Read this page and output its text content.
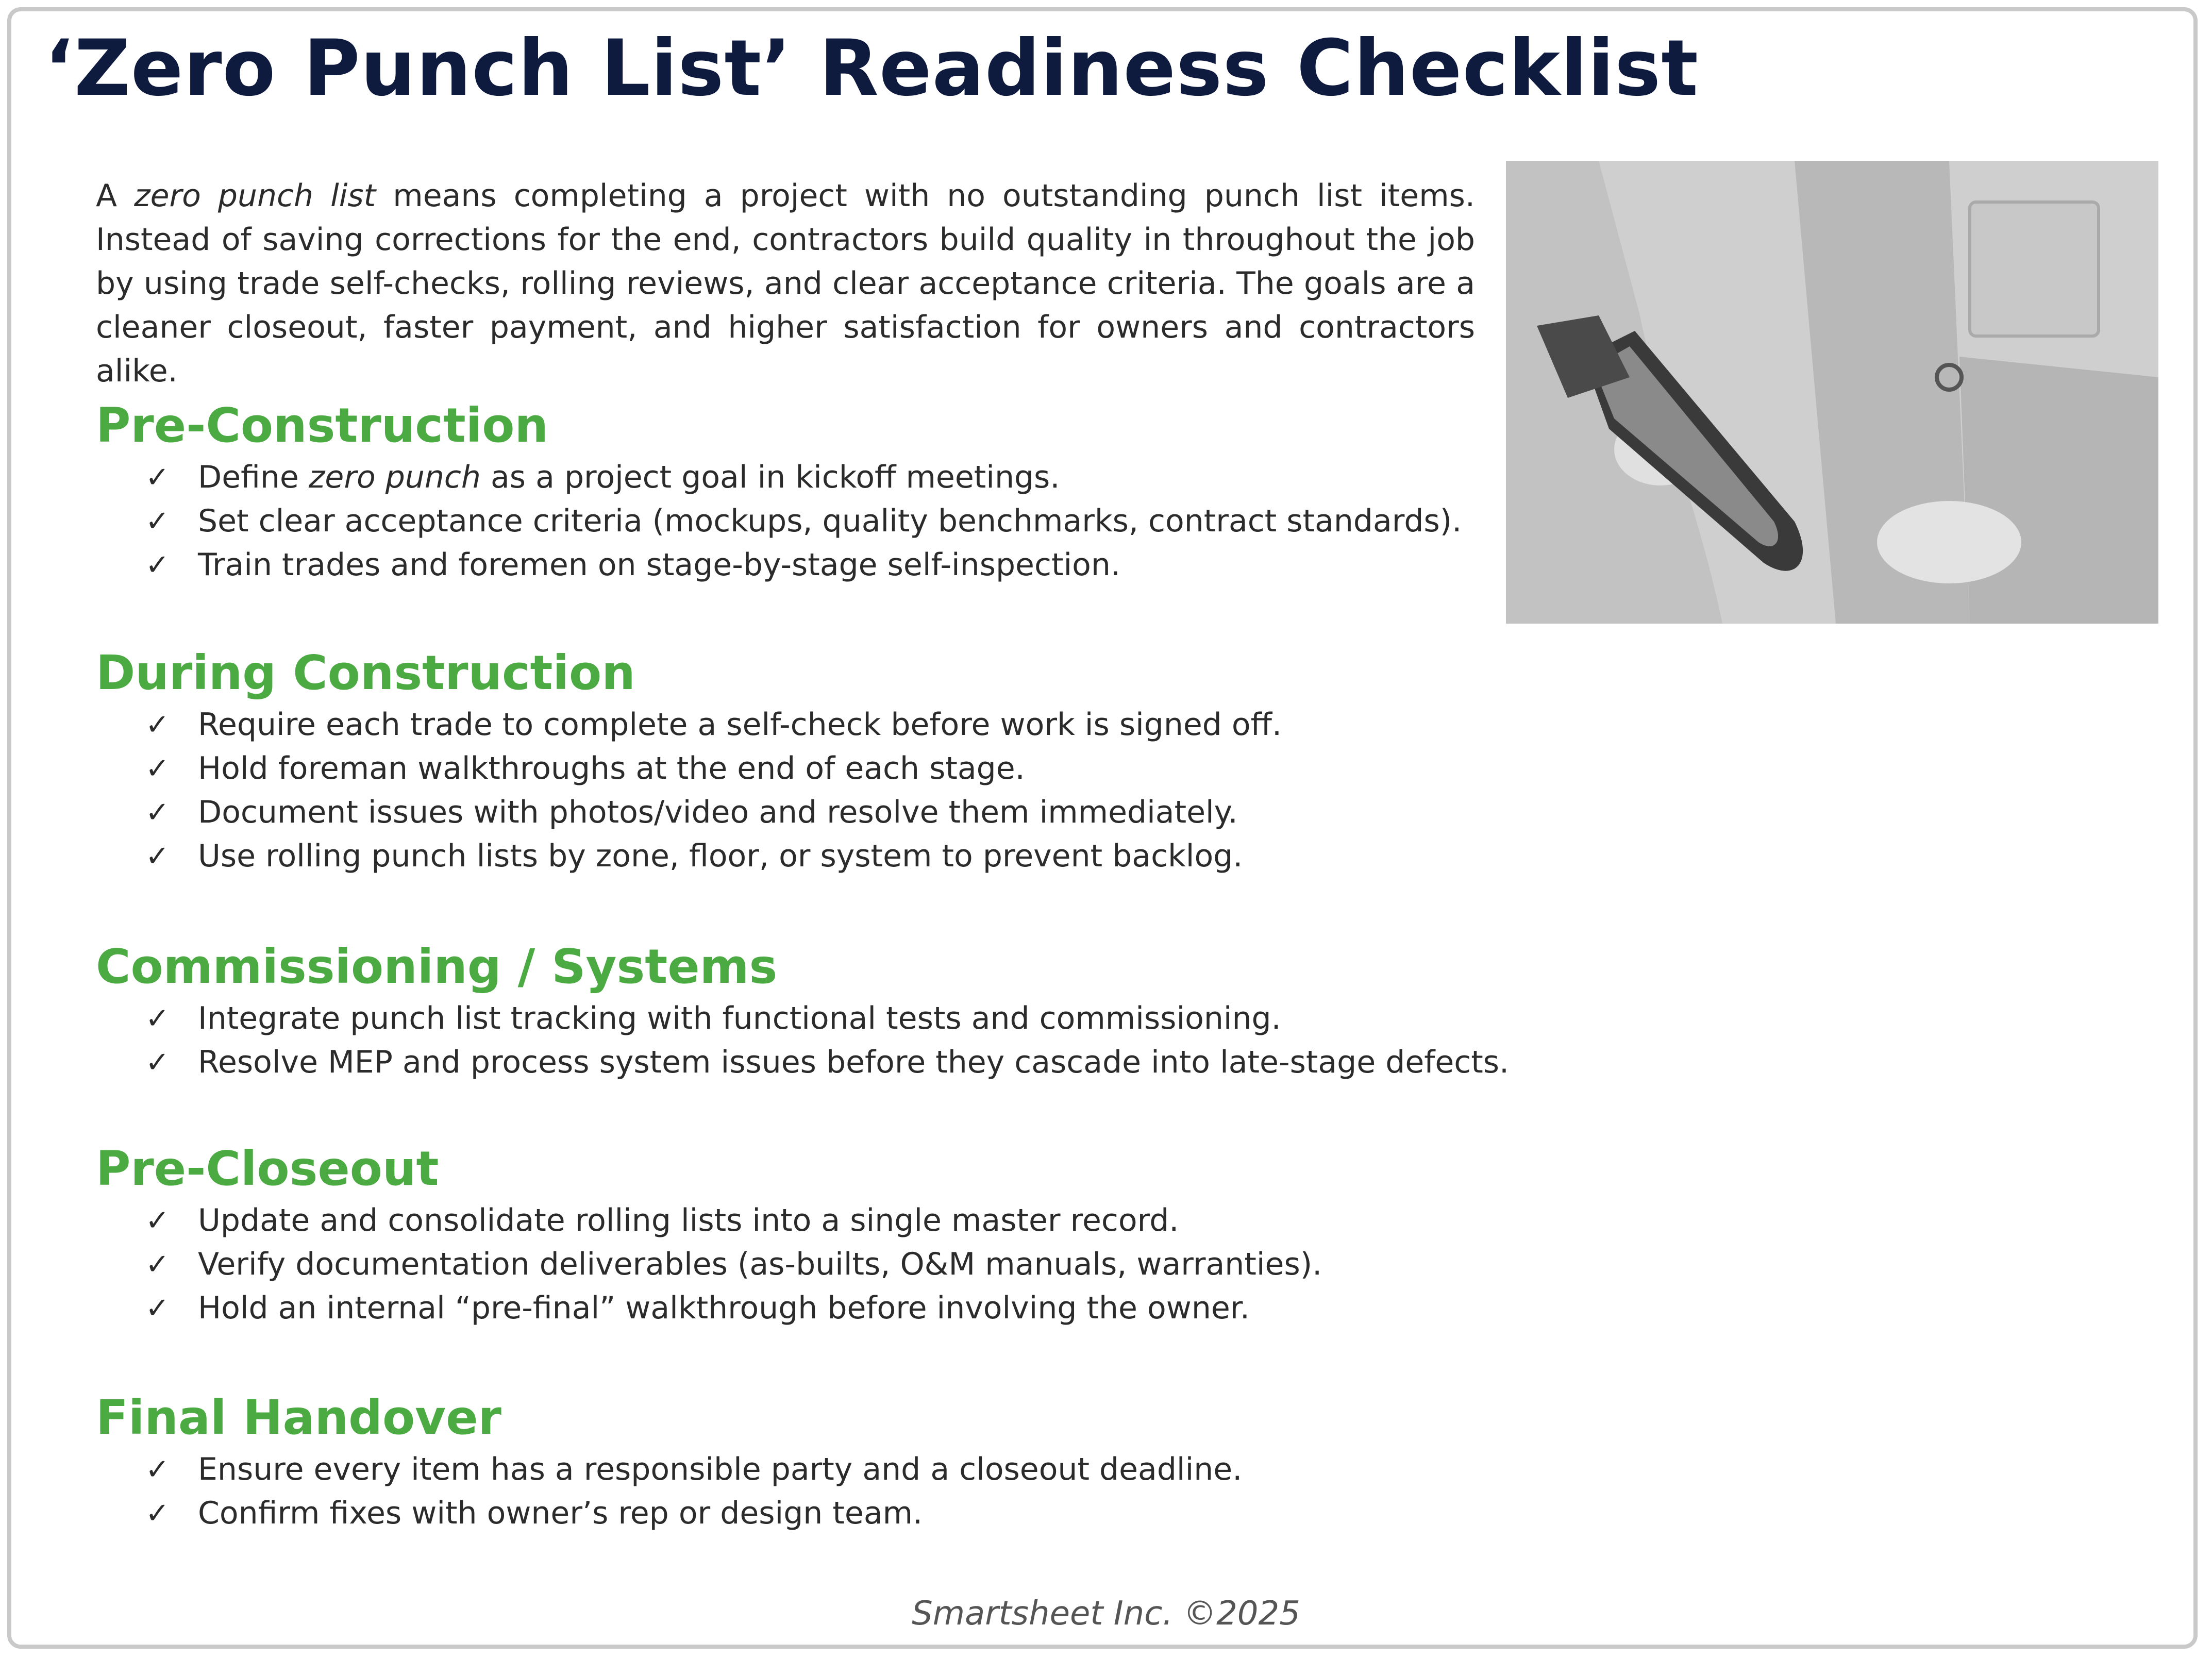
‘Zero Punch List’ Readiness Checklist

A zero punch list means completing a project with no outstanding punch list items. Instead of saving corrections for the end, contractors build quality in throughout the job by using trade self-checks, rolling reviews, and clear acceptance criteria. The goals are a cleaner closeout, faster payment, and higher satisfaction for owners and contractors alike.

Pre-Construction
✓ Define zero punch as a project goal in kickoff meetings.
✓ Set clear acceptance criteria (mockups, quality benchmarks, contract standards).
✓ Train trades and foremen on stage-by-stage self-inspection.
During Construction
✓ Require each trade to complete a self-check before work is signed off.
✓ Hold foreman walkthroughs at the end of each stage.
✓ Document issues with photos/video and resolve them immediately.
✓ Use rolling punch lists by zone, floor, or system to prevent backlog.
Commissioning / Systems
✓ Integrate punch list tracking with functional tests and commissioning.
✓ Resolve MEP and process system issues before they cascade into late-stage defects.
Pre-Closeout
✓ Update and consolidate rolling lists into a single master record.
✓ Verify documentation deliverables (as-builts, O&M manuals, warranties).
✓ Hold an internal “pre-final” walkthrough before involving the owner.
Final Handover
✓ Ensure every item has a responsible party and a closeout deadline.
✓ Confirm fixes with owner’s rep or design team.
Smartsheet Inc. ©2025
